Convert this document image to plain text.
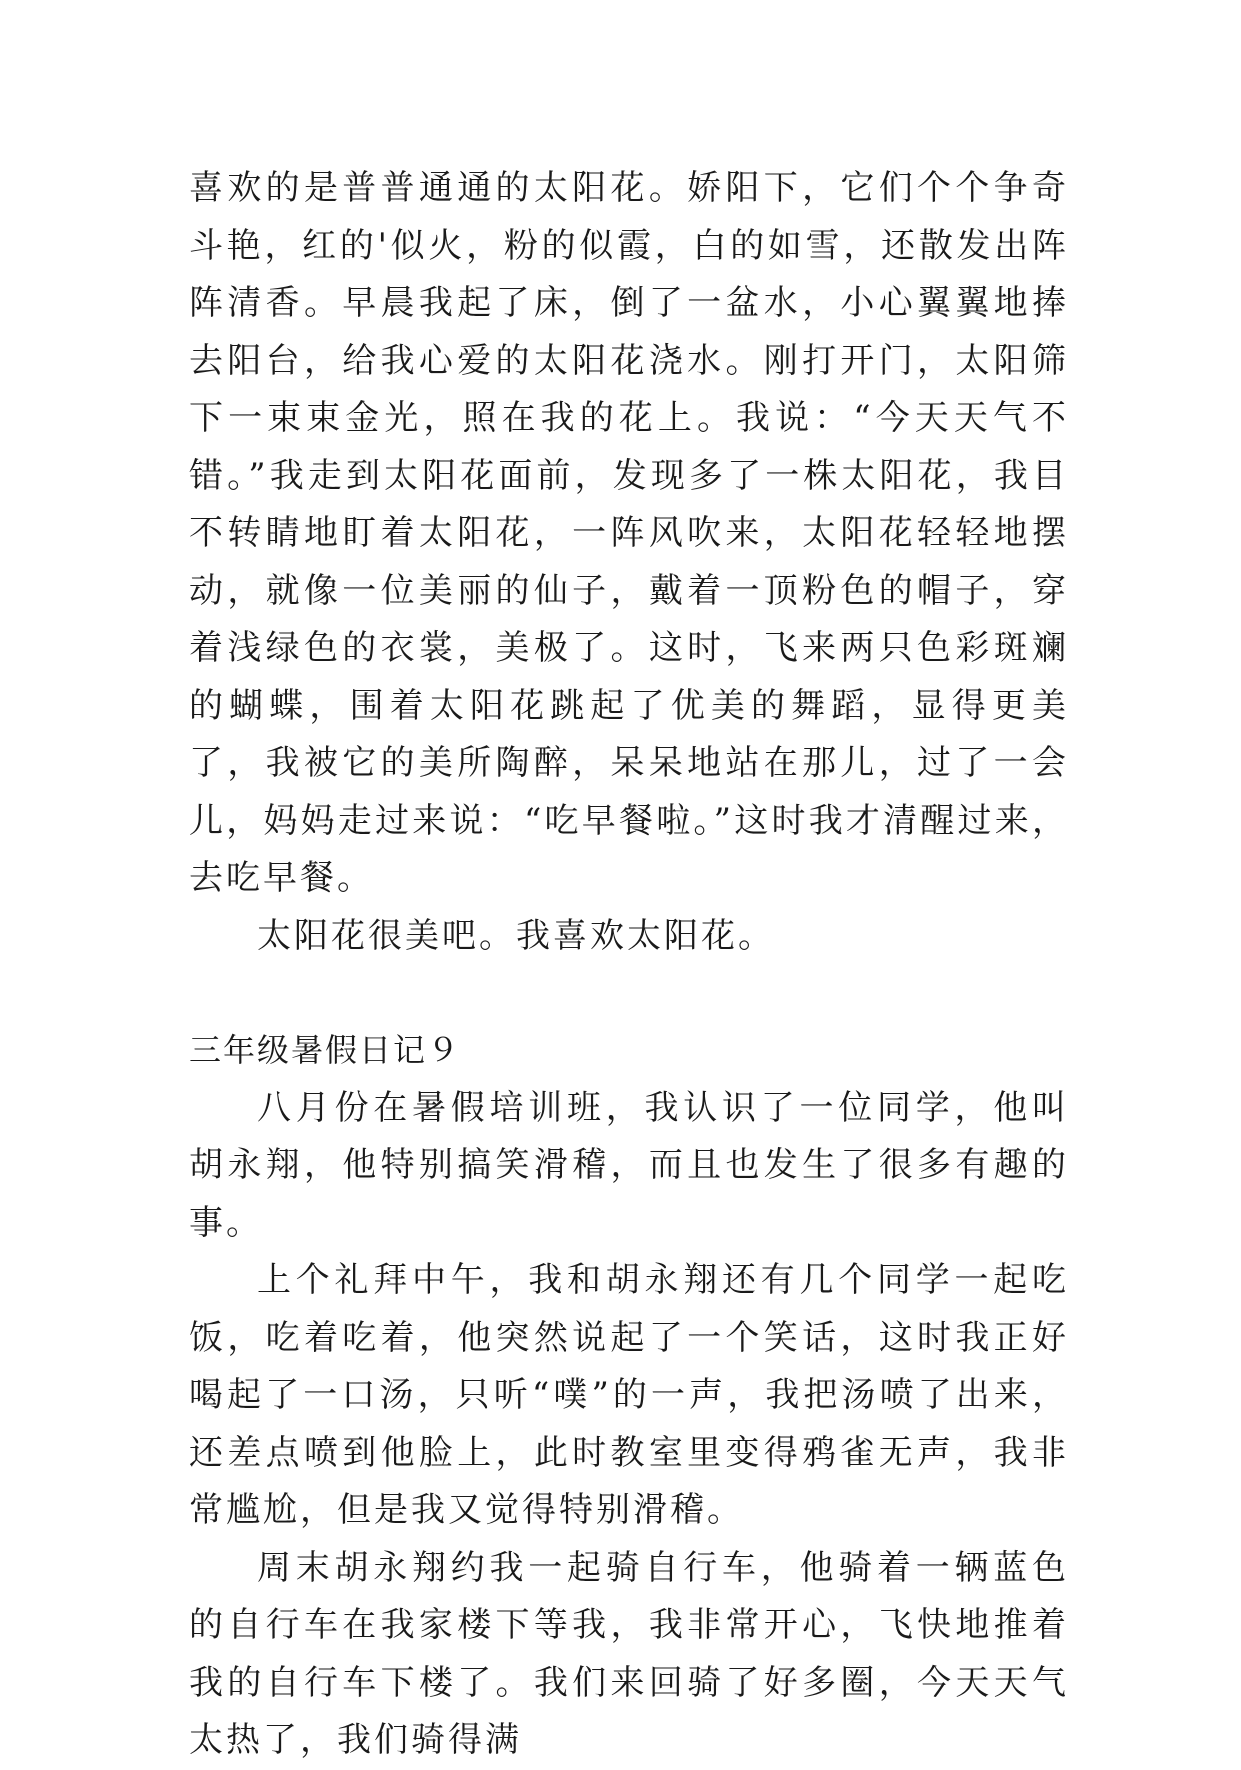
喜欢的是普普通通的太阳花。娇阳下，它们个个争奇斗艳，红的'似火，粉的似霞，白的如雪，还散发出阵阵清香。早晨我起了床，倒了一盆水，小心翼翼地捧去阳台，给我心爱的太阳花浇水。刚打开门，太阳筛下一束束金光，照在我的花上。我说：“今天天气不错。”我走到太阳花面前，发现多了一株太阳花，我目不转睛地盯着太阳花，一阵风吹来，太阳花轻轻地摆动，就像一位美丽的仙子，戴着一顶粉色的帽子，穿着浅绿色的衣裳，美极了。这时，飞来两只色彩斑斓的蝴蝶，围着太阳花跳起了优美的舞蹈，显得更美了，我被它的美所陶醉，呆呆地站在那儿，过了一会儿，妈妈走过来说：“吃早餐啦。”这时我才清醒过来，去吃早餐。

太阳花很美吧。我喜欢太阳花。

三年级暑假日记９

八月份在暑假培训班，我认识了一位同学，他叫胡永翔，他特别搞笑滑稽，而且也发生了很多有趣的事。

上个礼拜中午，我和胡永翔还有几个同学一起吃饭，吃着吃着，他突然说起了一个笑话，这时我正好喝起了一口汤，只听“噗”的一声，我把汤喷了出来，还差点喷到他脸上，此时教室里变得鸦雀无声，我非常尴尬，但是我又觉得特别滑稽。

周末胡永翔约我一起骑自行车，他骑着一辆蓝色的自行车在我家楼下等我，我非常开心，飞快地推着我的自行车下楼了。我们来回骑了好多圈，今天天气太热了，我们骑得满
